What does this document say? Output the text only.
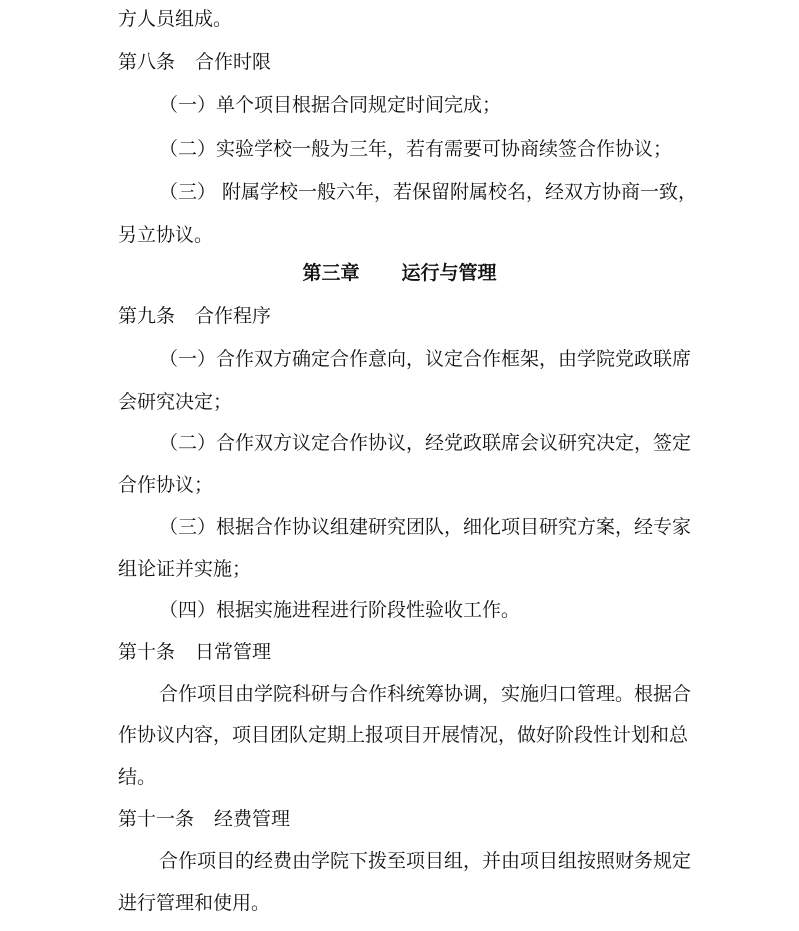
方人员组成。
第八条 合作时限
（一）单个项目根据合同规定时间完成；
（二）实验学校一般为三年，若有需要可协商续签合作协议；
（三） 附属学校一般六年，若保留附属校名，经双方协商一致，
另立协议。
第三章 运行与管理
第九条 合作程序
（一）合作双方确定合作意向，议定合作框架，由学院党政联席
会研究决定；
（二）合作双方议定合作协议，经党政联席会议研究决定，签定
合作协议；
（三）根据合作协议组建研究团队，细化项目研究方案，经专家
组论证并实施；
（四）根据实施进程进行阶段性验收工作。
第十条 日常管理
合作项目由学院科研与合作科统筹协调，实施归口管理。根据合
作协议内容，项目团队定期上报项目开展情况，做好阶段性计划和总
结。
第十一条 经费管理
合作项目的经费由学院下拨至项目组，并由项目组按照财务规定
进行管理和使用。
